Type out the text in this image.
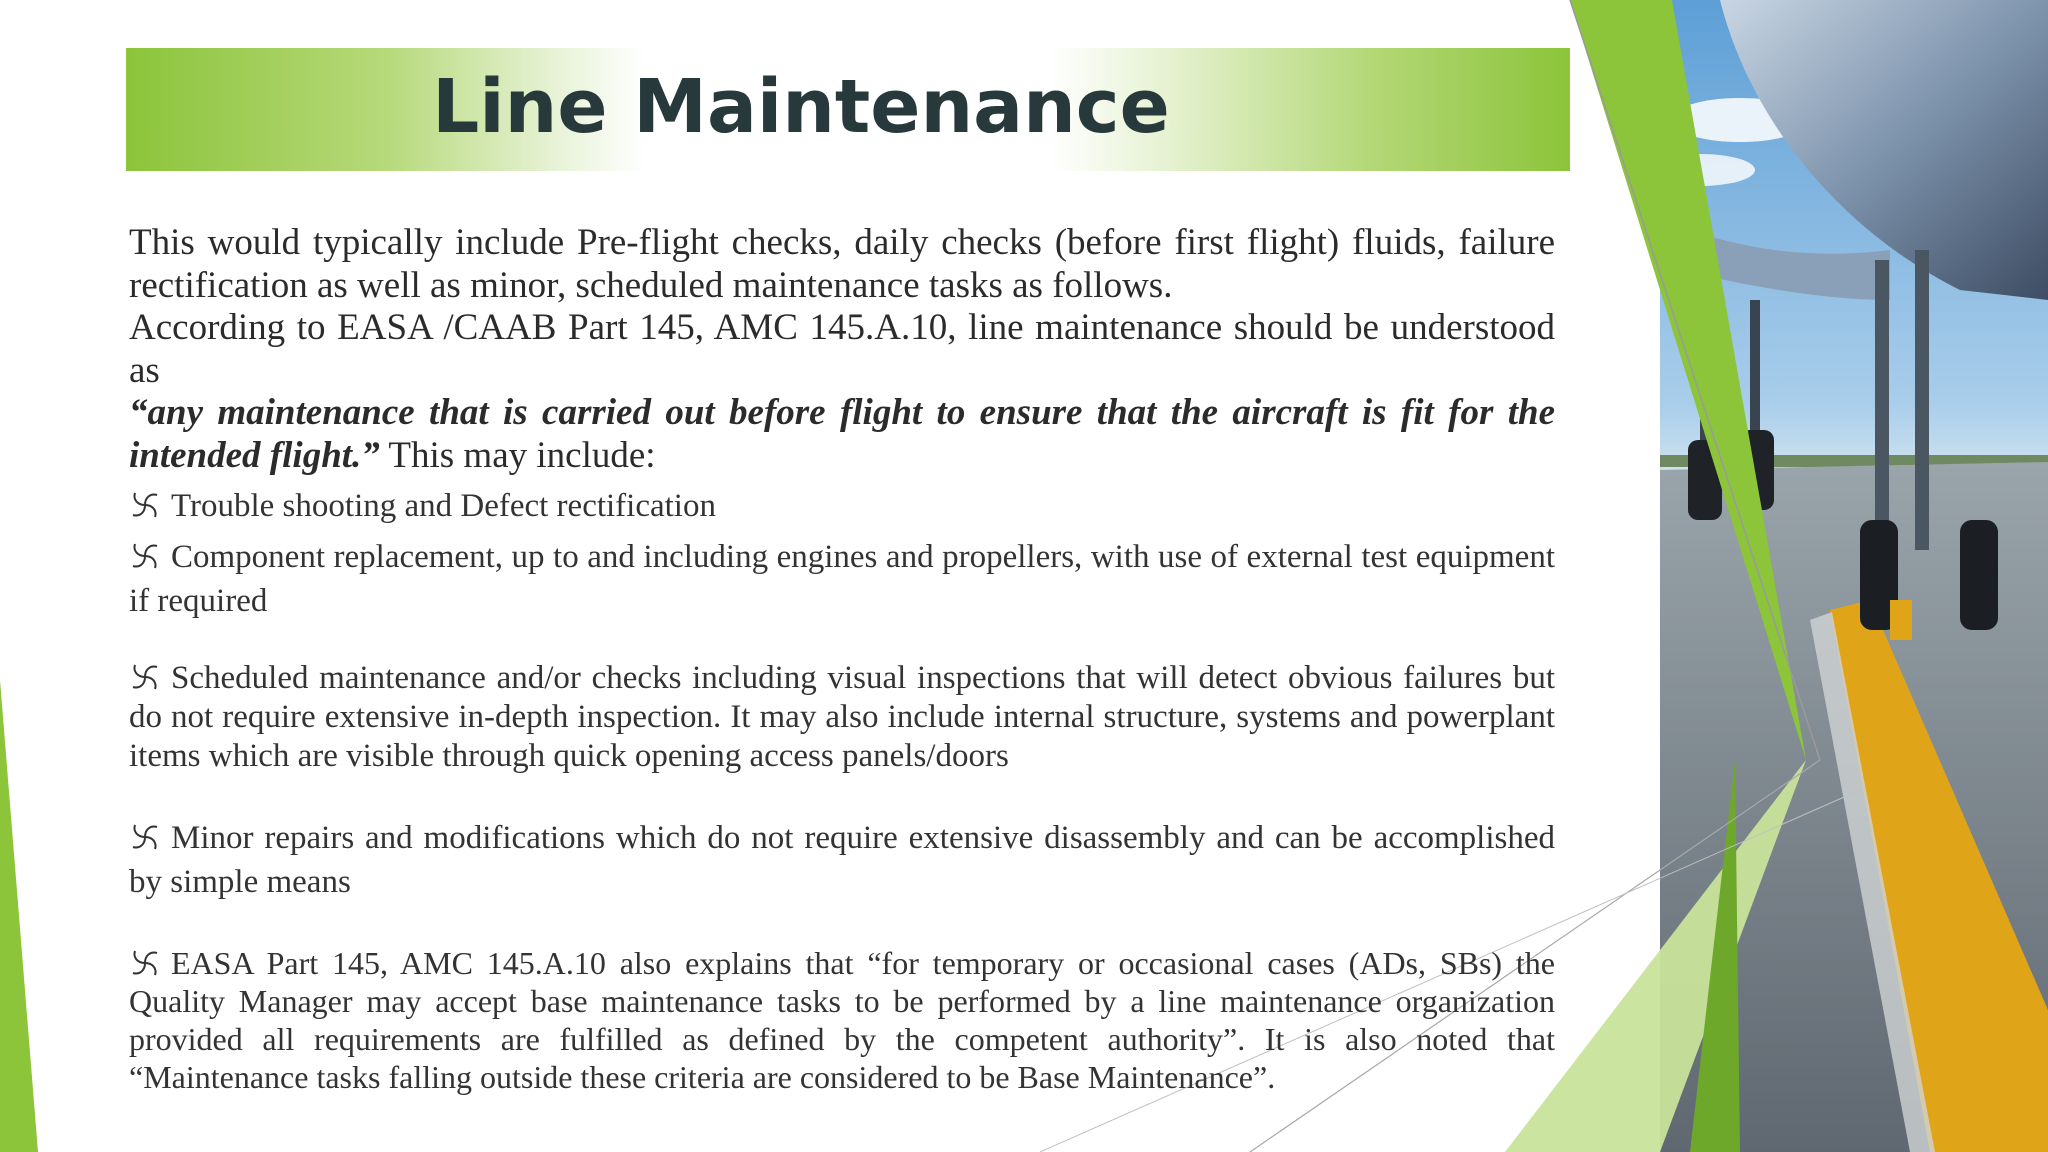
Line Maintenance

This would typically include Pre-flight checks, daily checks (before first flight) fluids, failure rectification as well as minor, scheduled maintenance tasks as follows.

According to EASA /CAAB Part 145, AMC 145.A.10, line maintenance should be understood as

“any maintenance that is carried out before flight to ensure that the aircraft is fit for the intended flight.” This may include:

Trouble shooting and Defect rectification

Component replacement, up to and including engines and propellers, with use of external test equipment if required

Scheduled maintenance and/or checks including visual inspections that will detect obvious failures but do not require extensive in-depth inspection. It may also include internal structure, systems and powerplant items which are visible through quick opening access panels/doors

Minor repairs and modifications which do not require extensive disassembly and can be accomplished by simple means

EASA Part 145, AMC 145.A.10 also explains that “for temporary or occasional cases (ADs, SBs) the Quality Manager may accept base maintenance tasks to be performed by a line maintenance organization provided all requirements are fulfilled as defined by the competent authority”. It is also noted that “Maintenance tasks falling outside these criteria are considered to be Base Maintenance”.
